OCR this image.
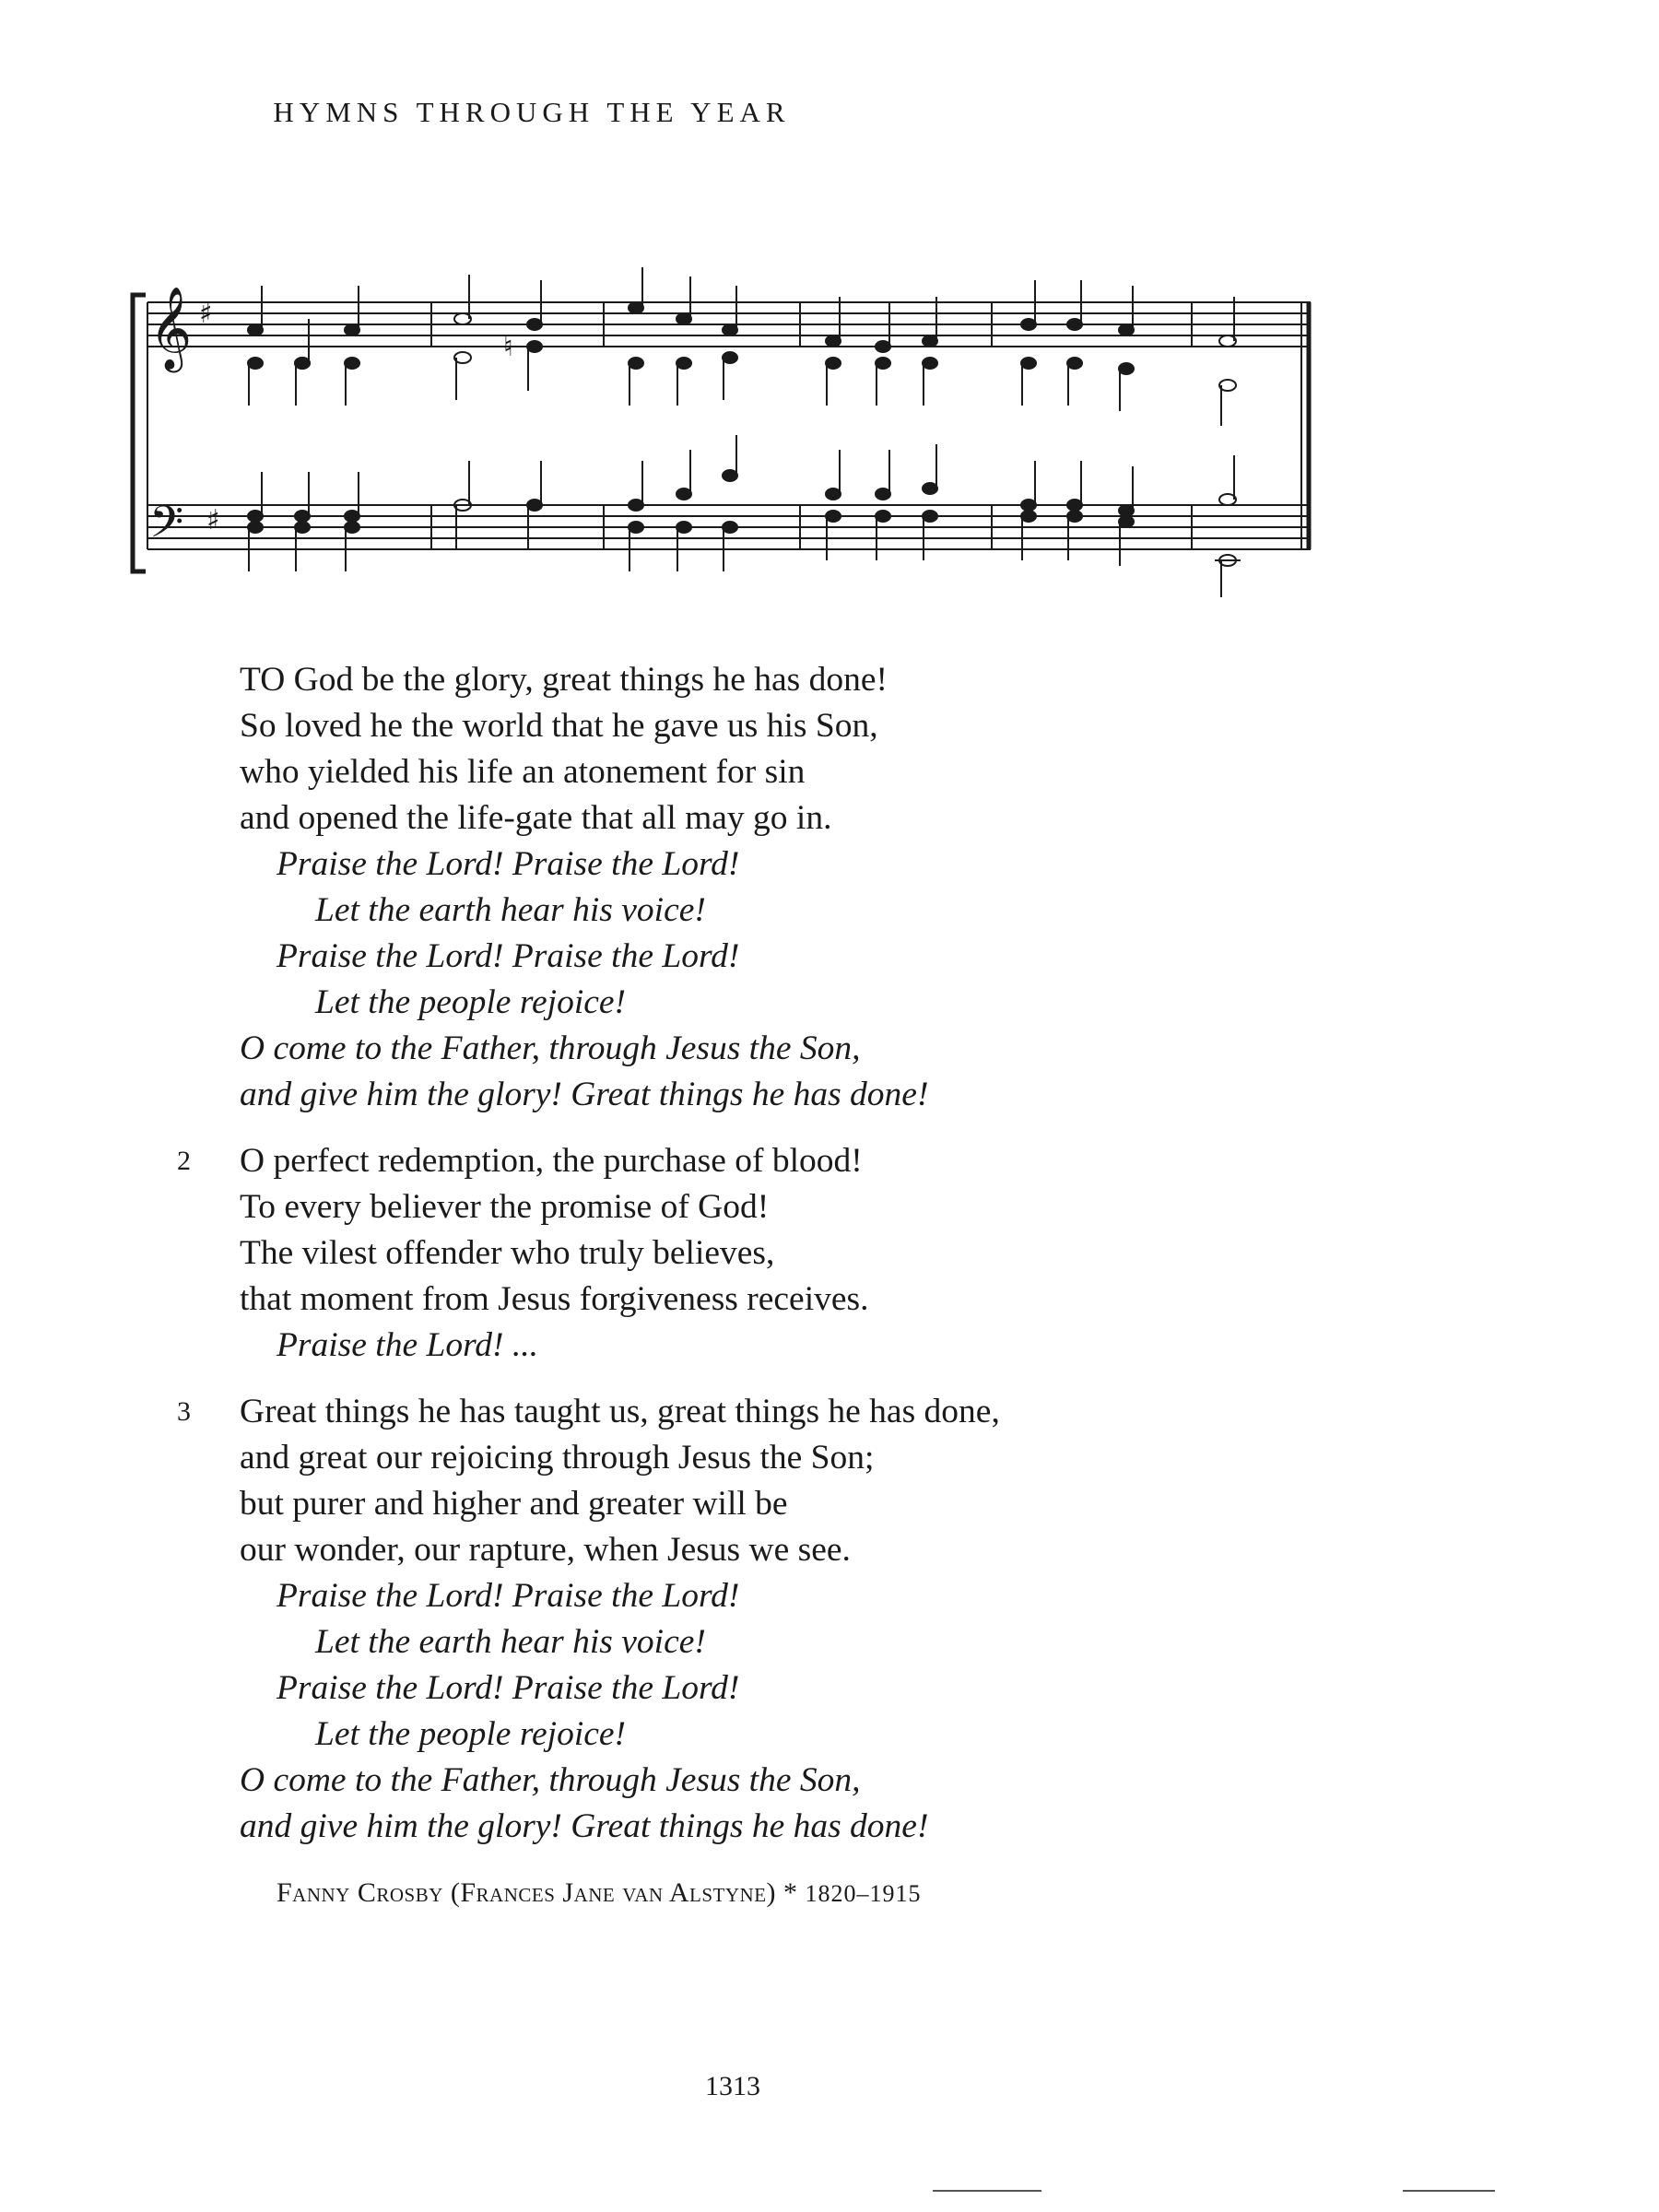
HYMNS THROUGH THE YEAR
𝄞 ♯
𝄢 ♯
♮
TO God be the glory, great things he has done!
So loved he the world that he gave us his Son,
who yielded his life an atonement for sin
and opened the life-gate that all may go in.
Praise the Lord! Praise the Lord!
Let the earth hear his voice!
Praise the Lord! Praise the Lord!
Let the people rejoice!
O come to the Father, through Jesus the Son,
and give him the glory! Great things he has done!
2 O perfect redemption, the purchase of blood!
To every believer the promise of God!
The vilest offender who truly believes,
that moment from Jesus forgiveness receives.
Praise the Lord! ...
3 Great things he has taught us, great things he has done,
and great our rejoicing through Jesus the Son;
but purer and higher and greater will be
our wonder, our rapture, when Jesus we see.
Praise the Lord! Praise the Lord!
Let the earth hear his voice!
Praise the Lord! Praise the Lord!
Let the people rejoice!
O come to the Father, through Jesus the Son,
and give him the glory! Great things he has done!
Fanny Crosby (Frances Jane van Alstyne) * 1820–1915
1313
